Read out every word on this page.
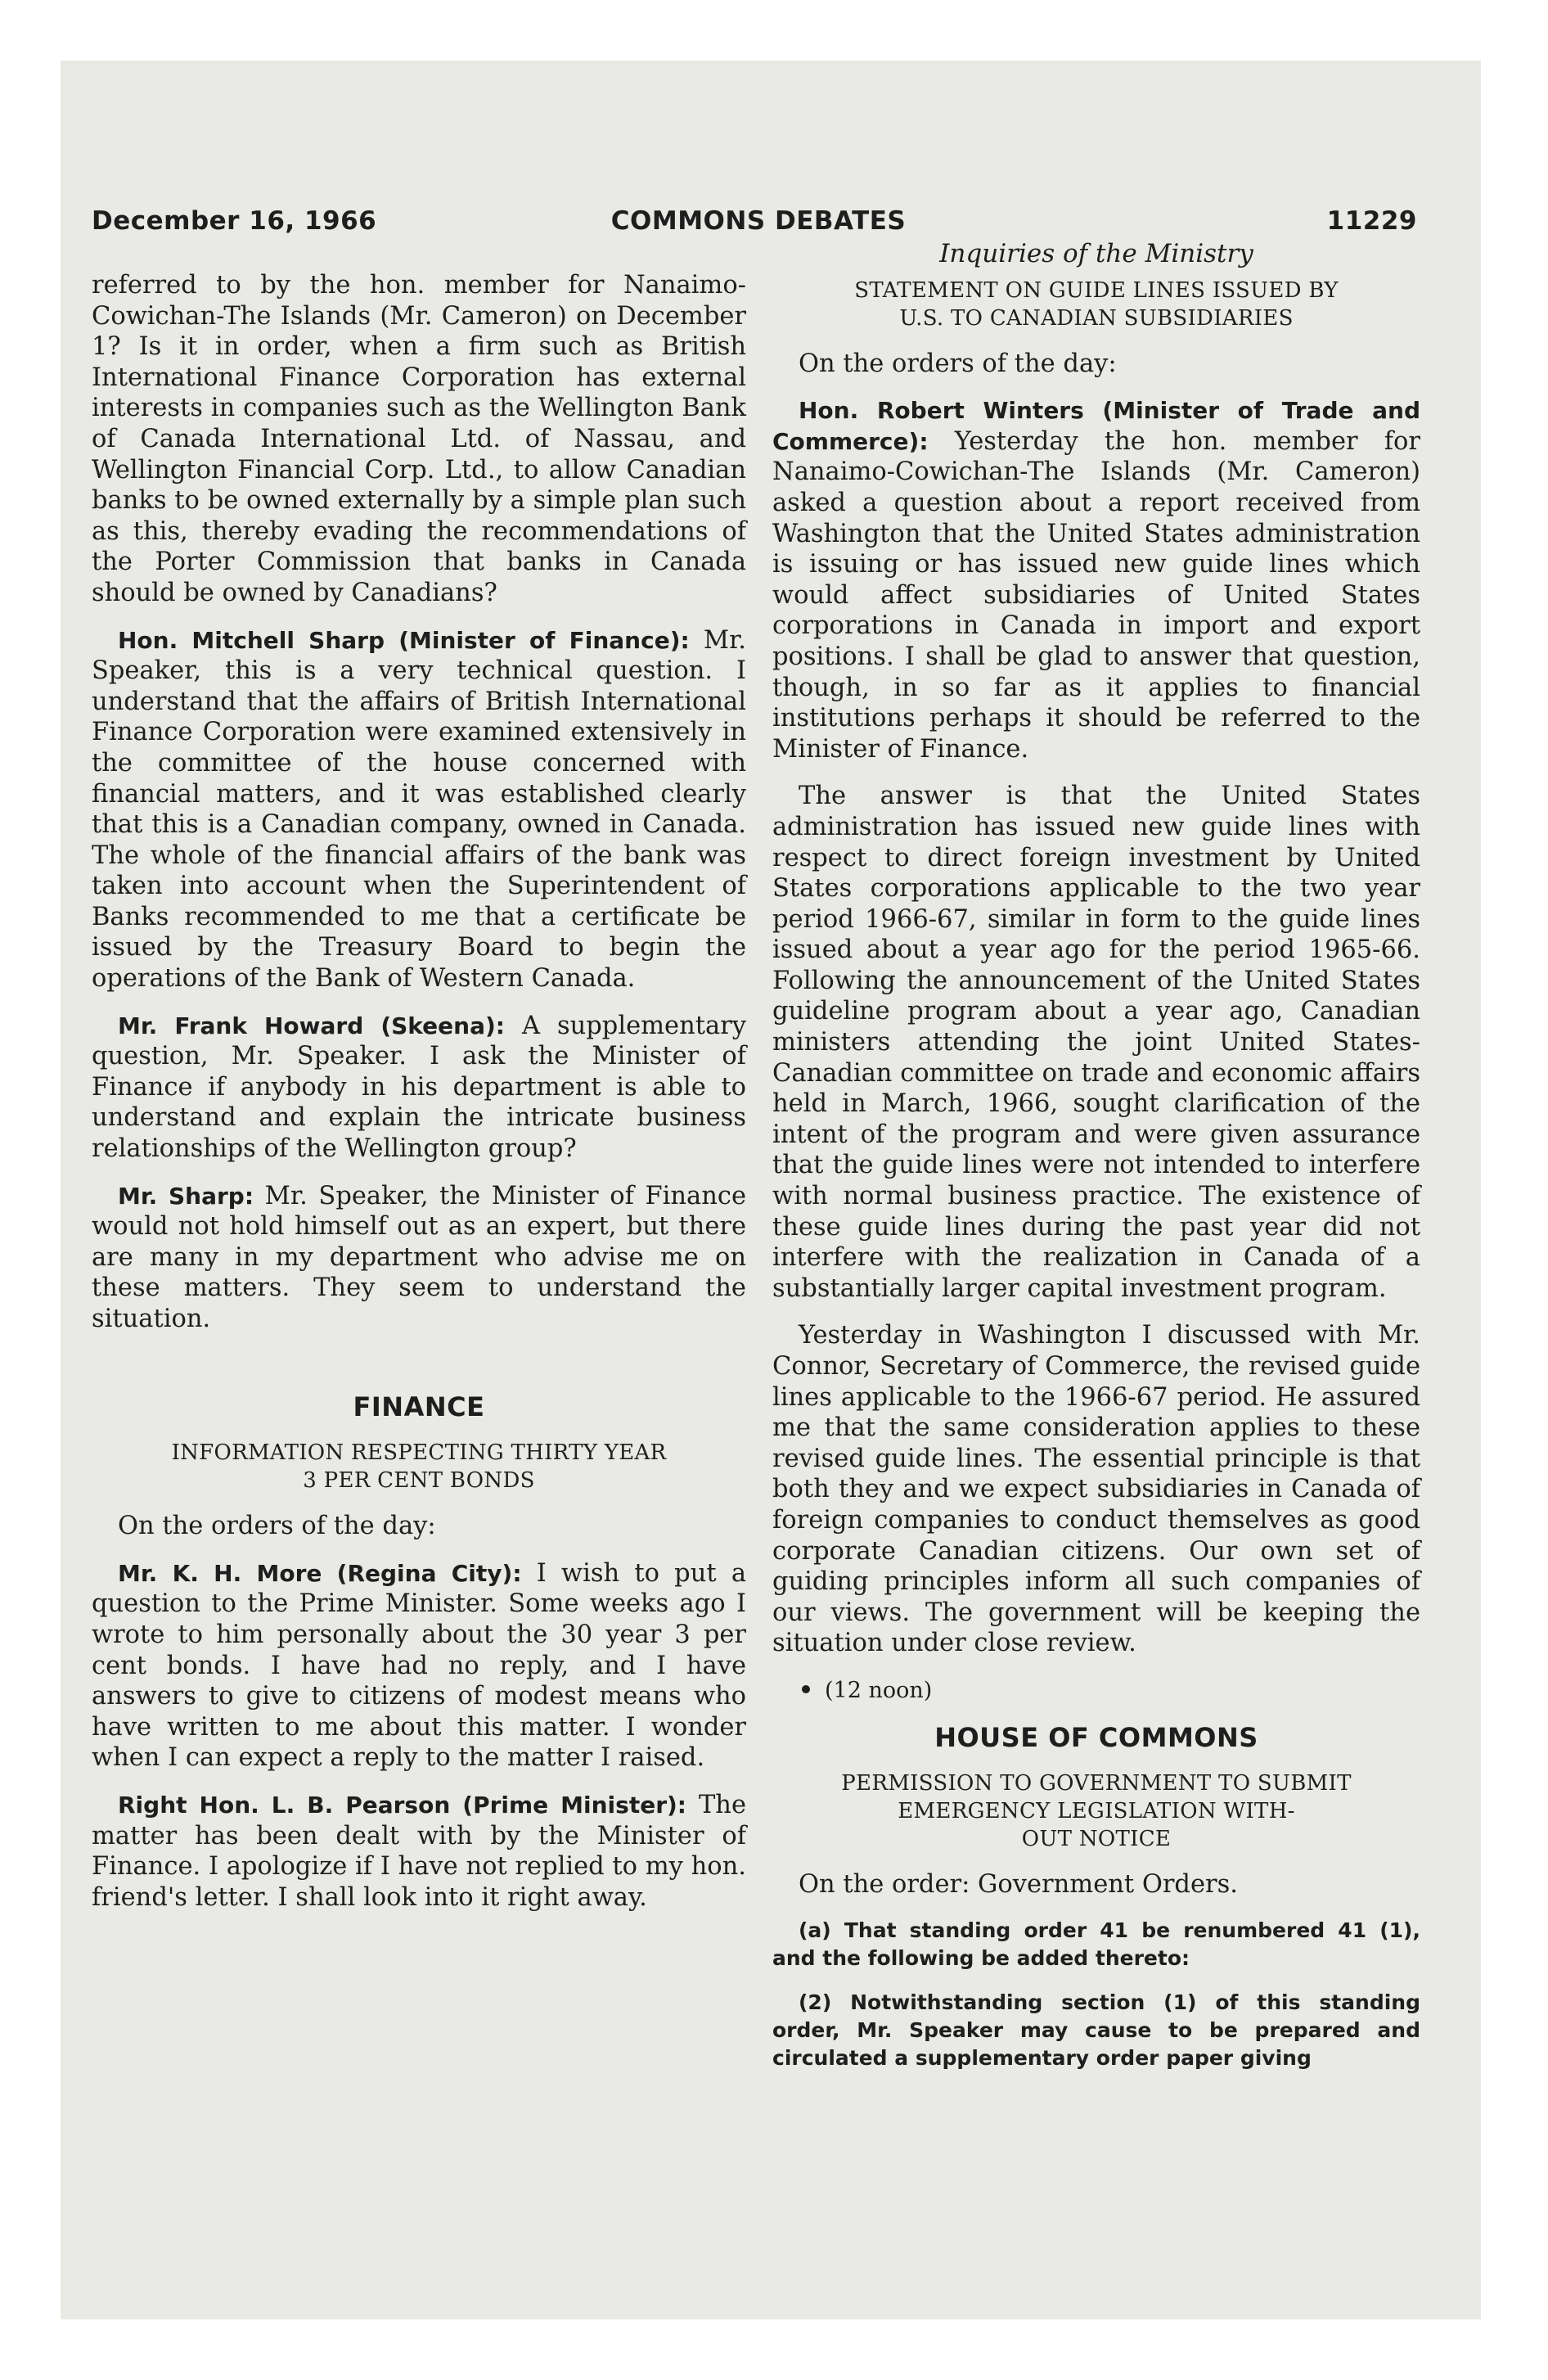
December 16, 1966	COMMONS DEBATES	11229

referred to by the hon. member for Nanaimo-Cowichan-The Islands (Mr. Cameron) on December 1? Is it in order, when a firm such as British International Finance Corporation has external interests in companies such as the Wellington Bank of Canada International Ltd. of Nassau, and Wellington Financial Corp. Ltd., to allow Canadian banks to be owned externally by a simple plan such as this, thereby evading the recommendations of the Porter Commission that banks in Canada should be owned by Canadians?

Hon. Mitchell Sharp (Minister of Finance): Mr. Speaker, this is a very technical question. I understand that the affairs of British International Finance Corporation were examined extensively in the committee of the house concerned with financial matters, and it was established clearly that this is a Canadian company, owned in Canada. The whole of the financial affairs of the bank was taken into account when the Superintendent of Banks recommended to me that a certificate be issued by the Treasury Board to begin the operations of the Bank of Western Canada.

Mr. Frank Howard (Skeena): A supplementary question, Mr. Speaker. I ask the Minister of Finance if anybody in his department is able to understand and explain the intricate business relationships of the Wellington group?

Mr. Sharp: Mr. Speaker, the Minister of Finance would not hold himself out as an expert, but there are many in my department who advise me on these matters. They seem to understand the situation.

FINANCE
INFORMATION RESPECTING THIRTY YEAR
3 PER CENT BONDS

On the orders of the day:

Mr. K. H. More (Regina City): I wish to put a question to the Prime Minister. Some weeks ago I wrote to him personally about the 30 year 3 per cent bonds. I have had no reply, and I have answers to give to citizens of modest means who have written to me about this matter. I wonder when I can expect a reply to the matter I raised.

Right Hon. L. B. Pearson (Prime Minister): The matter has been dealt with by the Minister of Finance. I apologize if I have not replied to my hon. friend's letter. I shall look into it right away.

Inquiries of the Ministry
STATEMENT ON GUIDE LINES ISSUED BY
U.S. TO CANADIAN SUBSIDIARIES

On the orders of the day:

Hon. Robert Winters (Minister of Trade and Commerce): Yesterday the hon. member for Nanaimo-Cowichan-The Islands (Mr. Cameron) asked a question about a report received from Washington that the United States administration is issuing or has issued new guide lines which would affect subsidiaries of United States corporations in Canada in import and export positions. I shall be glad to answer that question, though, in so far as it applies to financial institutions perhaps it should be referred to the Minister of Finance.

The answer is that the United States administration has issued new guide lines with respect to direct foreign investment by United States corporations applicable to the two year period 1966-67, similar in form to the guide lines issued about a year ago for the period 1965-66. Following the announcement of the United States guideline program about a year ago, Canadian ministers attending the joint United States-Canadian committee on trade and economic affairs held in March, 1966, sought clarification of the intent of the program and were given assurance that the guide lines were not intended to interfere with normal business practice. The existence of these guide lines during the past year did not interfere with the realization in Canada of a substantially larger capital investment program.

Yesterday in Washington I discussed with Mr. Connor, Secretary of Commerce, the revised guide lines applicable to the 1966-67 period. He assured me that the same consideration applies to these revised guide lines. The essential principle is that both they and we expect subsidiaries in Canada of foreign companies to conduct themselves as good corporate Canadian citizens. Our own set of guiding principles inform all such companies of our views. The government will be keeping the situation under close review.

(12 noon)

HOUSE OF COMMONS
PERMISSION TO GOVERNMENT TO SUBMIT
EMERGENCY LEGISLATION WITH-
OUT NOTICE

On the order: Government Orders.

(a) That standing order 41 be renumbered 41 (1), and the following be added thereto:

(2) Notwithstanding section (1) of this standing order, Mr. Speaker may cause to be prepared and circulated a supplementary order paper giving
